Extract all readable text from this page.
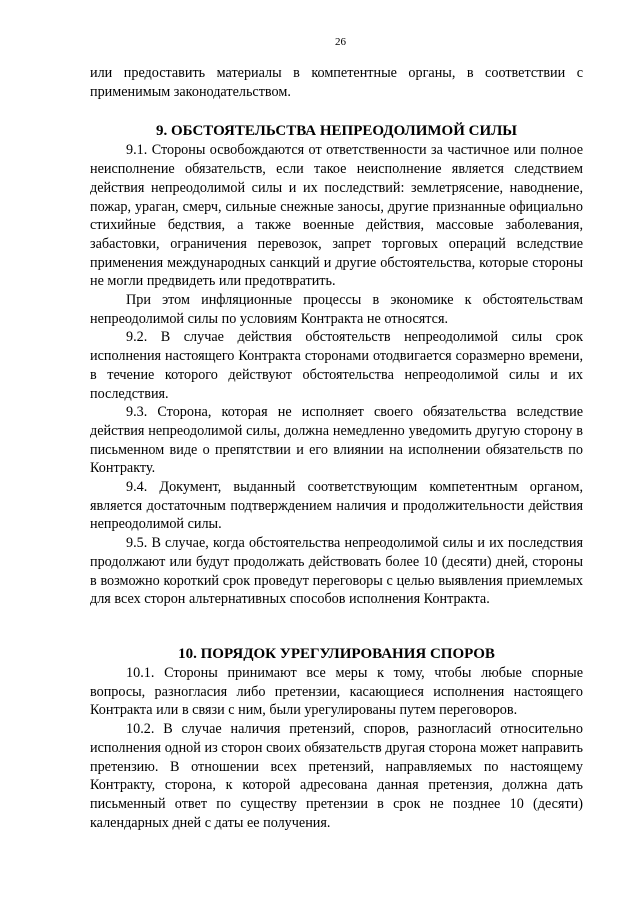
26

или предоставить материалы в компетентные органы, в соответствии с применимым законодательством.

9. ОБСТОЯТЕЛЬСТВА НЕПРЕОДОЛИМОЙ СИЛЫ

9.1. Стороны освобождаются от ответственности за частичное или полное неисполнение обязательств, если такое неисполнение является следствием действия непреодолимой силы и их последствий: землетрясение, наводнение, пожар, ураган, смерч, сильные снежные заносы, другие признанные официально стихийные бедствия, а также военные действия, массовые заболевания, забастовки, ограничения перевозок, запрет торговых операций вследствие применения международных санкций и другие обстоятельства, которые стороны не могли предвидеть или предотвратить.

При этом инфляционные процессы в экономике к обстоятельствам непреодолимой силы по условиям Контракта не относятся.

9.2. В случае действия обстоятельств непреодолимой силы срок исполнения настоящего Контракта сторонами отодвигается соразмерно времени, в течение которого действуют обстоятельства непреодолимой силы и их последствия.

9.3. Сторона, которая не исполняет своего обязательства вследствие действия непреодолимой силы, должна немедленно уведомить другую сторону в письменном виде о препятствии и его влиянии на исполнении обязательств по Контракту.

9.4. Документ, выданный соответствующим компетентным органом, является достаточным подтверждением наличия и продолжительности действия непреодолимой силы.

9.5. В случае, когда обстоятельства непреодолимой силы и их последствия продолжают или будут продолжать действовать более 10 (десяти) дней, стороны в возможно короткий срок проведут переговоры с целью выявления приемлемых для всех сторон альтернативных способов исполнения Контракта.

10. ПОРЯДОК УРЕГУЛИРОВАНИЯ СПОРОВ

10.1. Стороны принимают все меры к тому, чтобы любые спорные вопросы, разногласия либо претензии, касающиеся исполнения настоящего Контракта или в связи с ним, были урегулированы путем переговоров.

10.2. В случае наличия претензий, споров, разногласий относительно исполнения одной из сторон своих обязательств другая сторона может направить претензию. В отношении всех претензий, направляемых по настоящему Контракту, сторона, к которой адресована данная претензия, должна дать письменный ответ по существу претензии в срок не позднее 10 (десяти) календарных дней с даты ее получения.
